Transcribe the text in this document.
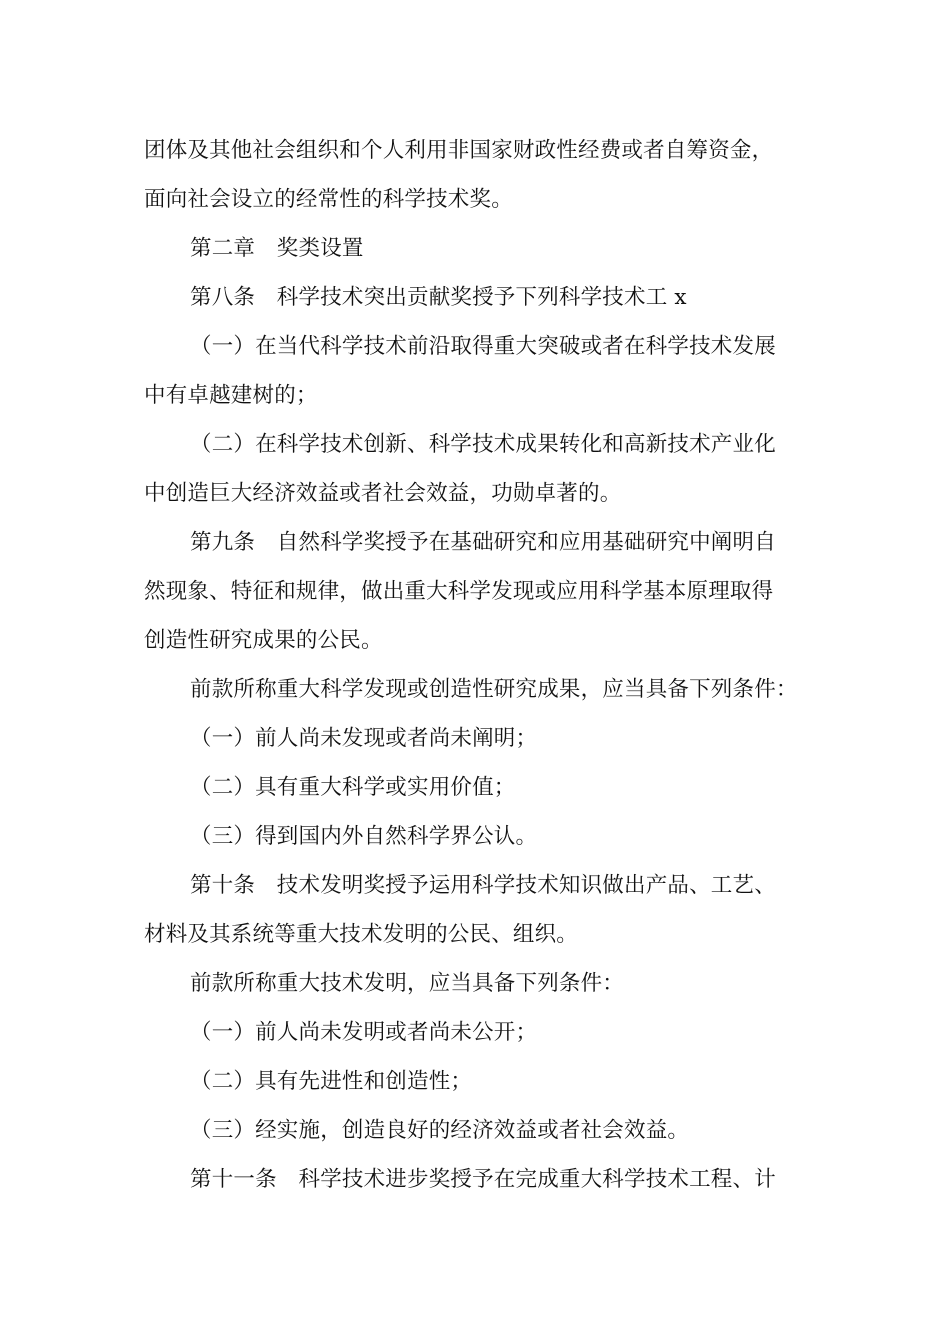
团体及其他社会组织和个人利用非国家财政性经费或者自筹资金，
面向社会设立的经常性的科学技术奖。
第二章　奖类设置
第八条　科学技术突出贡献奖授予下列科学技术工 x
（一）在当代科学技术前沿取得重大突破或者在科学技术发展
中有卓越建树的；
（二）在科学技术创新、科学技术成果转化和高新技术产业化
中创造巨大经济效益或者社会效益，功勋卓著的。
第九条　自然科学奖授予在基础研究和应用基础研究中阐明自
然现象、特征和规律，做出重大科学发现或应用科学基本原理取得
创造性研究成果的公民。
前款所称重大科学发现或创造性研究成果，应当具备下列条件：
（一）前人尚未发现或者尚未阐明；
（二）具有重大科学或实用价值；
（三）得到国内外自然科学界公认。
第十条　技术发明奖授予运用科学技术知识做出产品、工艺、
材料及其系统等重大技术发明的公民、组织。
前款所称重大技术发明，应当具备下列条件：
（一）前人尚未发明或者尚未公开；
（二）具有先进性和创造性；
（三）经实施，创造良好的经济效益或者社会效益。
第十一条　科学技术进步奖授予在完成重大科学技术工程、计
